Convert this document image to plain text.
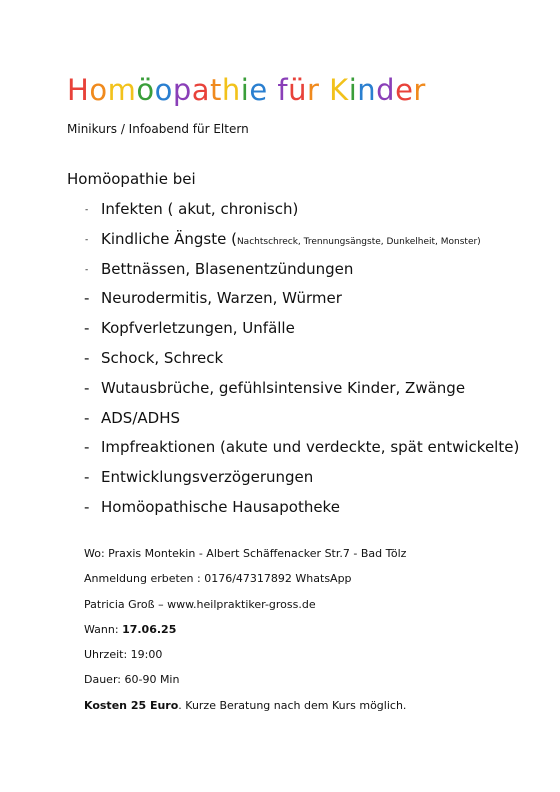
Homöopathie für Kinder
Minikurs / Infoabend für Eltern
Homöopathie bei
- Infekten ( akut, chronisch)
- Kindliche Ängste (Nachtschreck, Trennungsängste, Dunkelheit, Monster)
- Bettnässen, Blasenentzündungen
- Neurodermitis, Warzen, Würmer
- Kopfverletzungen, Unfälle
- Schock, Schreck
- Wutausbrüche, gefühlsintensive Kinder, Zwänge
- ADS/ADHS
- Impfreaktionen (akute und verdeckte, spät entwickelte)
- Entwicklungsverzögerungen
- Homöopathische Hausapotheke
Wo: Praxis Montekin - Albert Schäffenacker Str.7 - Bad Tölz
Anmeldung erbeten : 0176/47317892 WhatsApp
Patricia Groß – www.heilpraktiker-gross.de
Wann: 17.06.25
Uhrzeit: 19:00
Dauer: 60-90 Min
Kosten 25 Euro. Kurze Beratung nach dem Kurs möglich.
